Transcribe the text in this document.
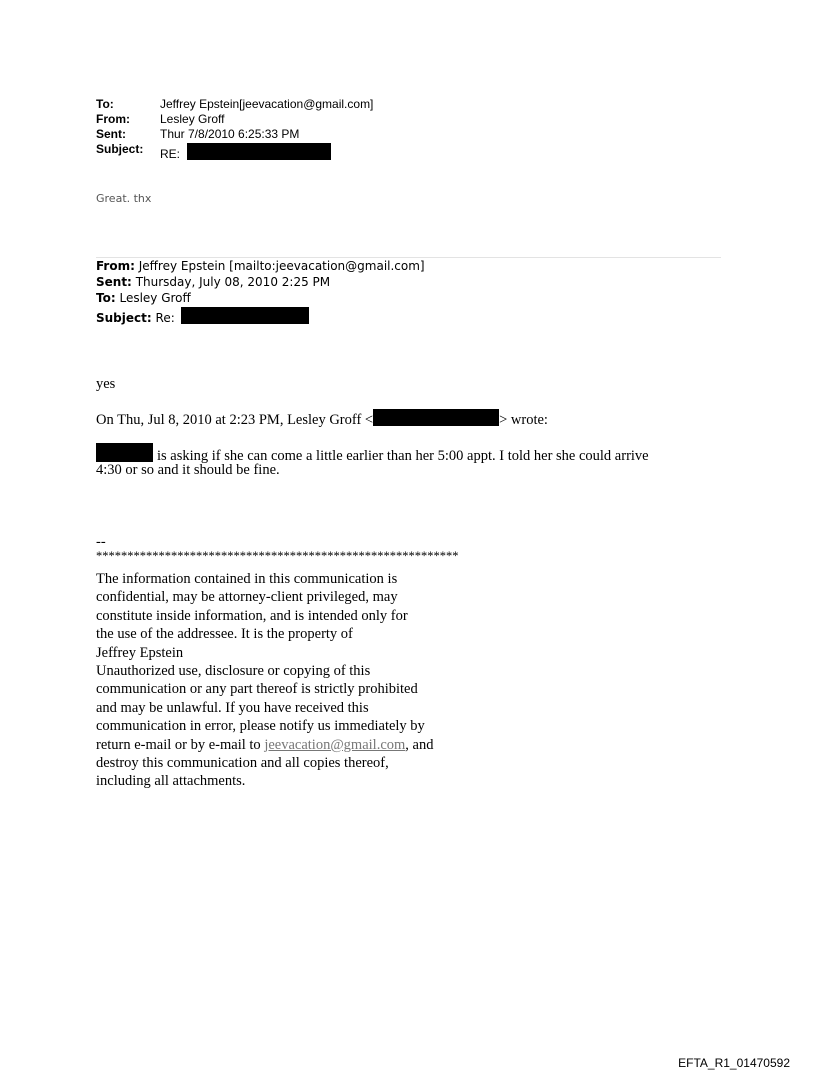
To:	Jeffrey Epstein[jeevacation@gmail.com]
From:	Lesley Groff
Sent:	Thur 7/8/2010 6:25:33 PM
Subject: RE:
Great. thx
From: Jeffrey Epstein [mailto:jeevacation@gmail.com]
Sent: Thursday, July 08, 2010 2:25 PM
To: Lesley Groff
Subject: Re:
yes
On Thu, Jul 8, 2010 at 2:23 PM, Lesley Groff <	> wrote:
is asking if she can come a little earlier than her 5:00 appt. I told her she could arrive
4:30 or so and it should be fine.
--
**********************************************************
The information contained in this communication is
confidential, may be attorney-client privileged, may
constitute inside information, and is intended only for
the use of the addressee. It is the property of
Jeffrey Epstein
Unauthorized use, disclosure or copying of this
communication or any part thereof is strictly prohibited
and may be unlawful. If you have received this
communication in error, please notify us immediately by
return e-mail or by e-mail to jeevacation@gmail.com, and
destroy this communication and all copies thereof,
including all attachments.
EFTA_R1_01470592
